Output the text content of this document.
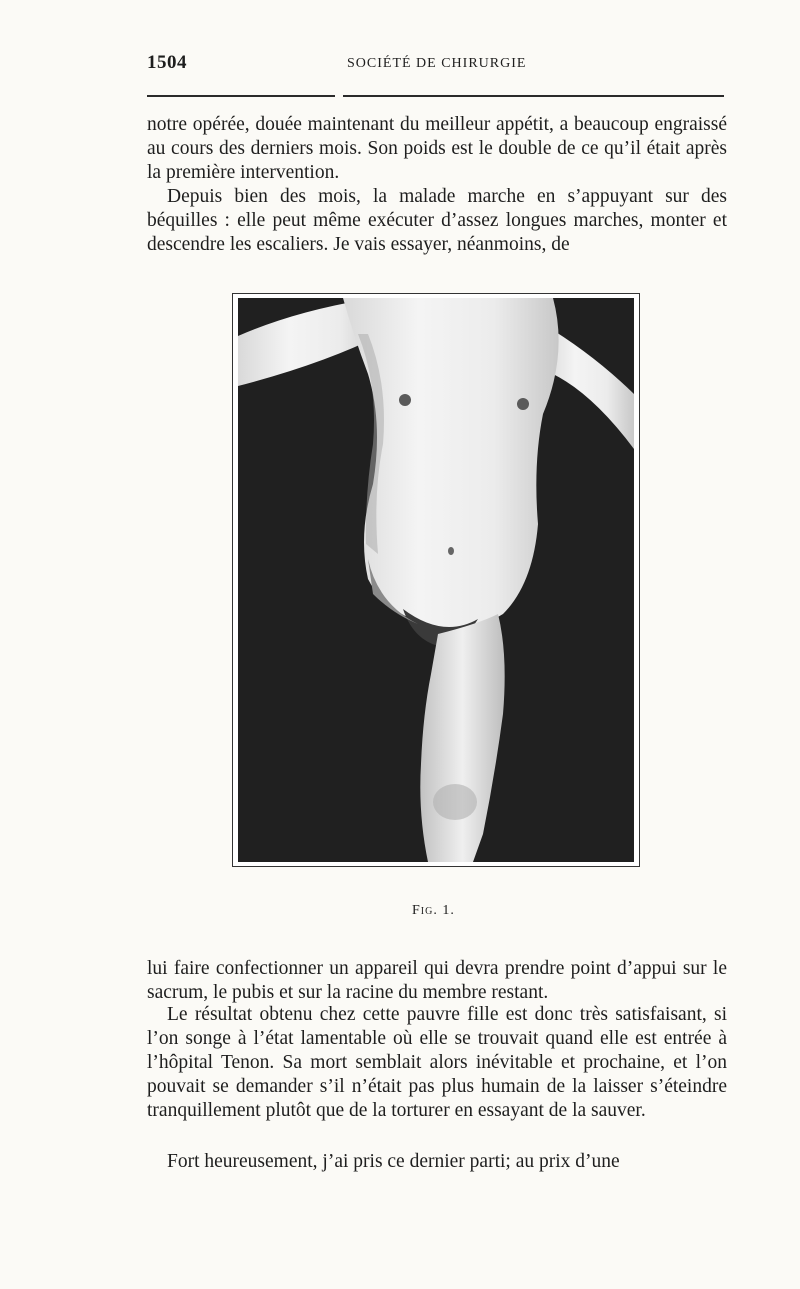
1504	SOCIÉTÉ DE CHIRURGIE

notre opérée, douée maintenant du meilleur appétit, a beaucoup engraissé au cours des derniers mois. Son poids est le double de ce qu’il était après la première intervention.

Depuis bien des mois, la malade marche en s’appuyant sur des béquilles : elle peut même exécuter d’assez longues marches, monter et descendre les escaliers. Je vais essayer, néanmoins, de

Fig. 1.

lui faire confectionner un appareil qui devra prendre point d’appui sur le sacrum, le pubis et sur la racine du membre restant.

Le résultat obtenu chez cette pauvre fille est donc très satisfaisant, si l’on songe à l’état lamentable où elle se trouvait quand elle est entrée à l’hôpital Tenon. Sa mort semblait alors inévitable et prochaine, et l’on pouvait se demander s’il n’était pas plus humain de la laisser s’éteindre tranquillement plutôt que de la torturer en essayant de la sauver.

Fort heureusement, j’ai pris ce dernier parti; au prix d’une
